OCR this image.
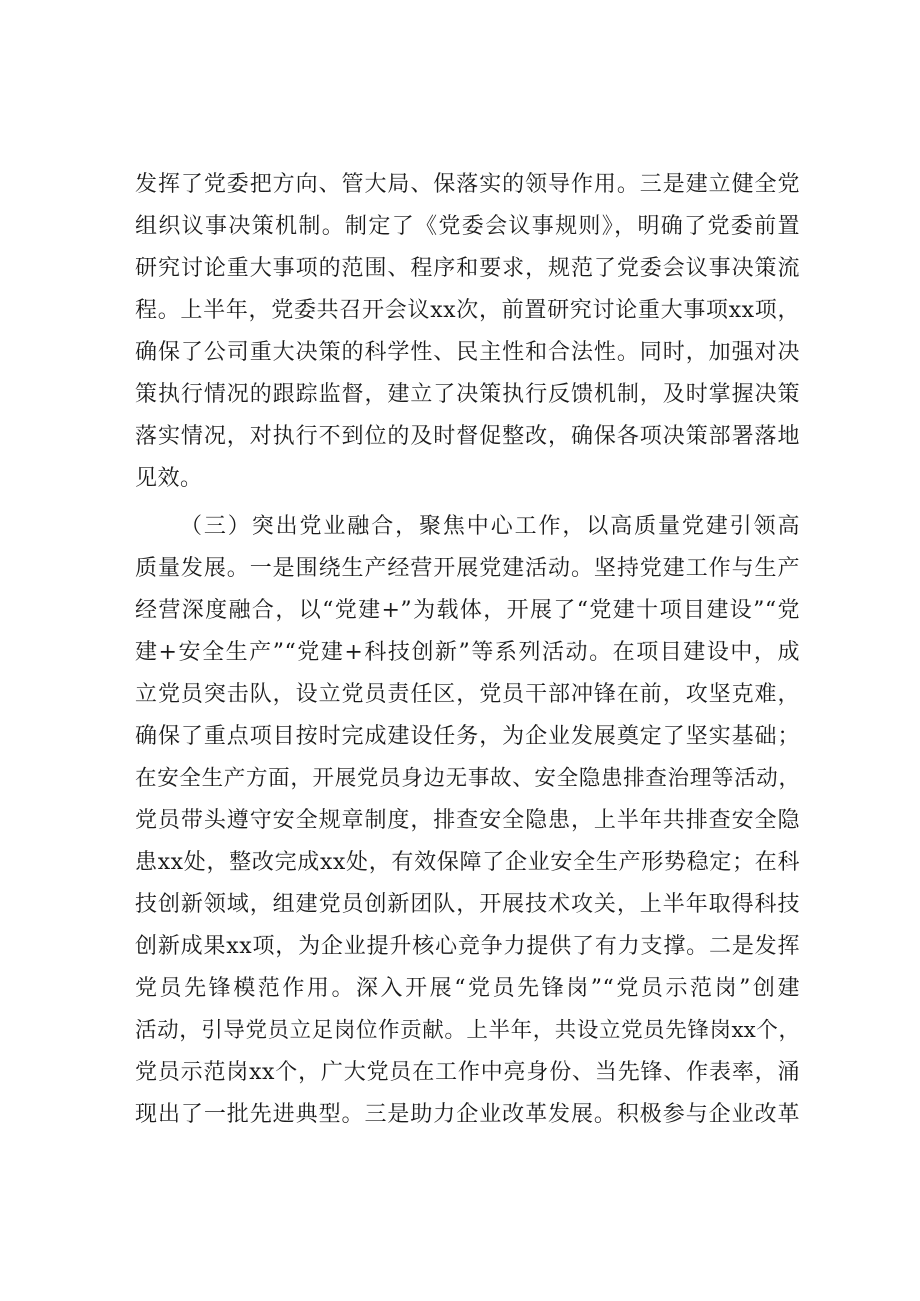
发挥了党委把方向、管大局、保落实的领导作用。三是建立健全党
组织议事决策机制。制定了《党委会议事规则》，明确了党委前置
研究讨论重大事项的范围、程序和要求，规范了党委会议事决策流
程。上半年，党委共召开会议xx次，前置研究讨论重大事项xx项，
确保了公司重大决策的科学性、民主性和合法性。同时，加强对决
策执行情况的跟踪监督，建立了决策执行反馈机制，及时掌握决策
落实情况，对执行不到位的及时督促整改，确保各项决策部署落地
见效。
（三）突出党业融合，聚焦中心工作，以高质量党建引领高
质量发展。一是围绕生产经营开展党建活动。坚持党建工作与生产
经营深度融合，以“党建+”为载体，开展了“党建十项目建设”“党
建+安全生产”“党建+科技创新”等系列活动。在项目建设中，成
立党员突击队，设立党员责任区，党员干部冲锋在前，攻坚克难，
确保了重点项目按时完成建设任务，为企业发展奠定了坚实基础；
在安全生产方面，开展党员身边无事故、安全隐患排查治理等活动，
党员带头遵守安全规章制度，排查安全隐患，上半年共排查安全隐
患xx处，整改完成xx处，有效保障了企业安全生产形势稳定；在科
技创新领域，组建党员创新团队，开展技术攻关，上半年取得科技
创新成果xx项，为企业提升核心竞争力提供了有力支撑。二是发挥
党员先锋模范作用。深入开展“党员先锋岗”“党员示范岗”创建
活动，引导党员立足岗位作贡献。上半年，共设立党员先锋岗xx个，
党员示范岗xx个，广大党员在工作中亮身份、当先锋、作表率，涌
现出了一批先进典型。三是助力企业改革发展。积极参与企业改革
